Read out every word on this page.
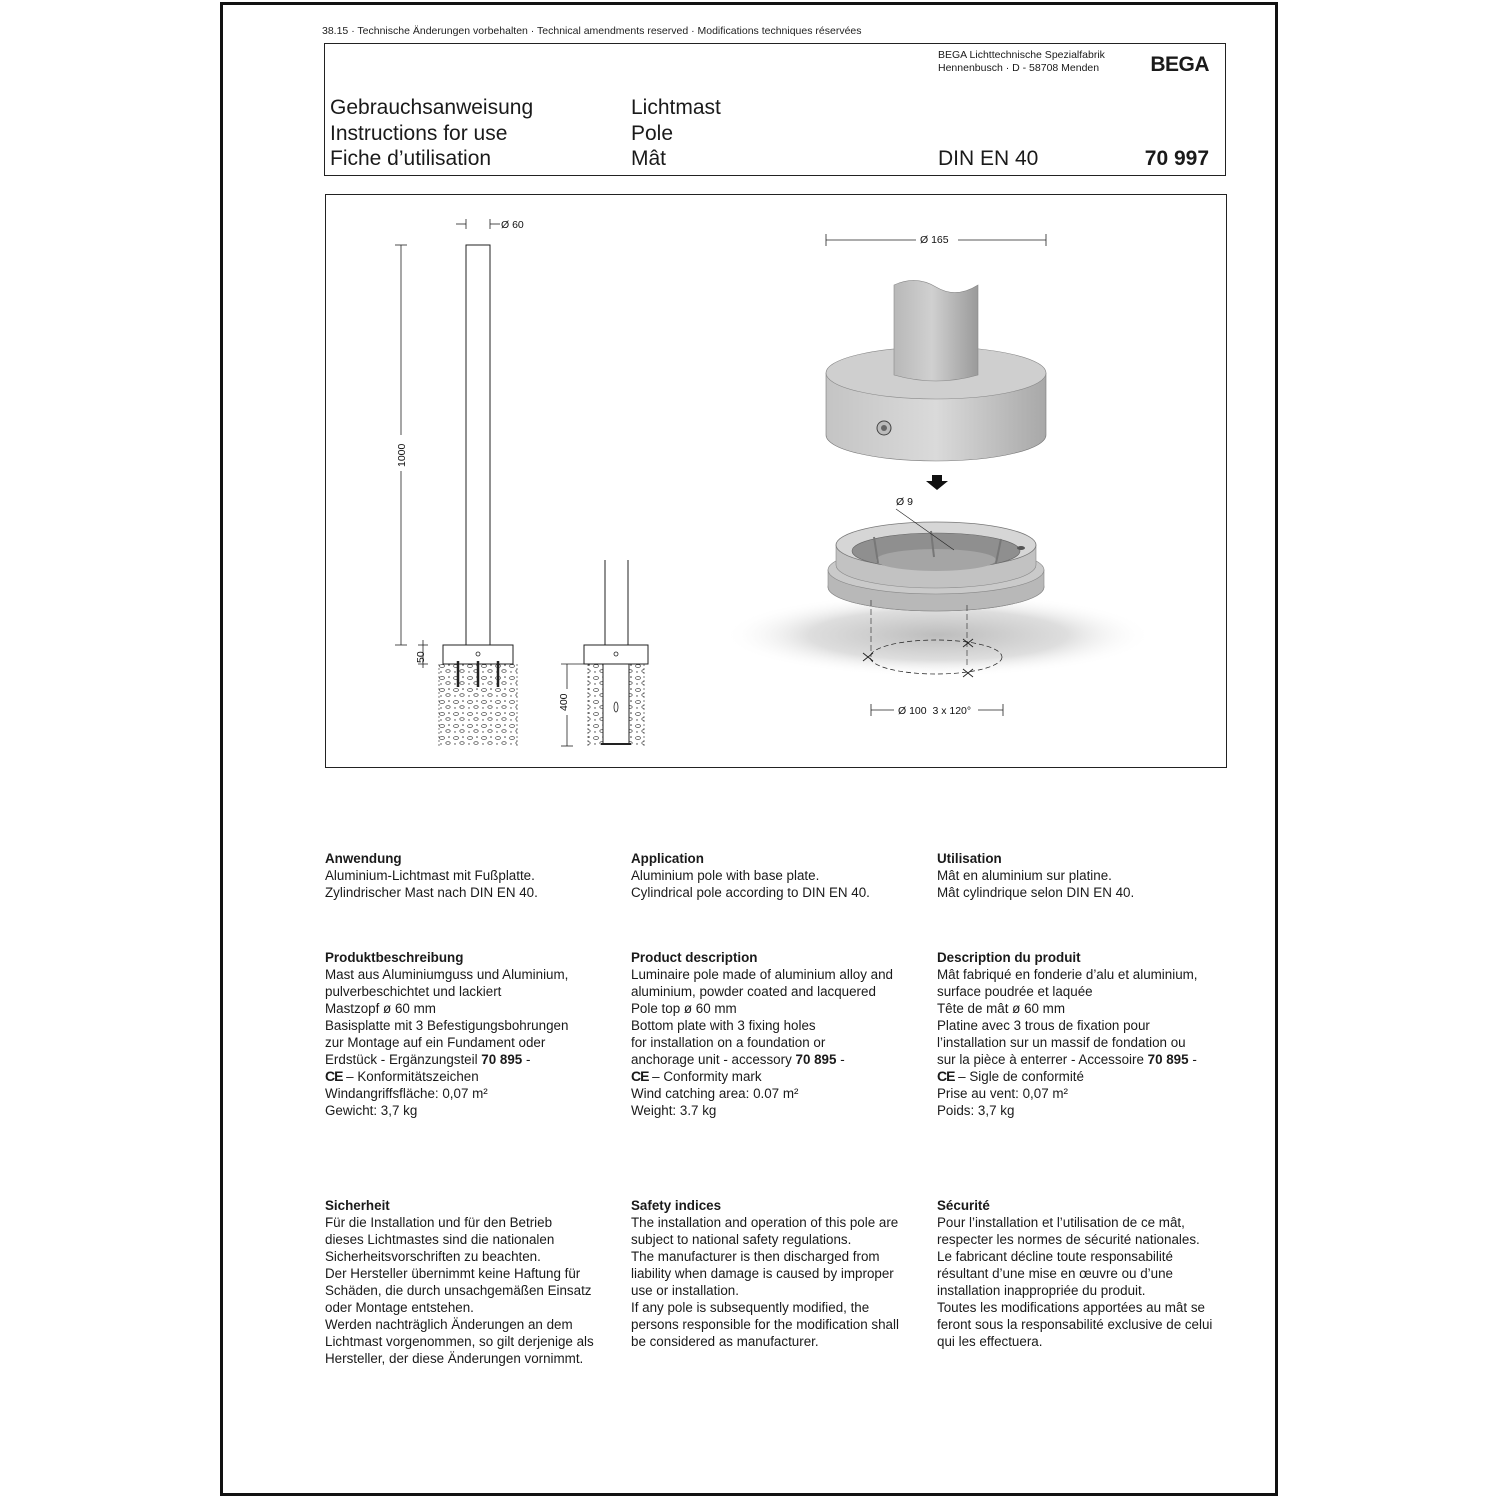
38.15 · Technische Änderungen vorbehalten · Technical amendments reserved · Modifications techniques réservées
BEGA Lichttechnische Spezialfabrik
Hennenbusch · D - 58708 Menden BEGA
Gebrauchsanweisung
Instructions for use
Fiche d’utilisation
Lichtmast
Pole
Mât	DIN EN 40	70 997
Ø 60
1000
50
400
Ø 165
Ø 9
Ø 100  3 x 120°
Anwendung

Aluminium-Lichtmast mit Fußplatte.
Zylindrischer Mast nach DIN EN 40.

Application

Aluminium pole with base plate.
Cylindrical pole according to DIN EN 40.

Utilisation

Mât en aluminium sur platine.
Mât cylindrique selon DIN EN 40.

Produktbeschreibung

Mast aus Aluminiumguss und Aluminium,
pulverbeschichtet und lackiert
Mastzopf ø 60 mm
Basisplatte mit 3 Befestigungsbohrungen
zur Montage auf ein Fundament oder
Erdstück - Ergänzungsteil 70 895 -
CE – Konformitätszeichen
Windangriffsfläche: 0,07 m²
Gewicht: 3,7 kg

Product description

Luminaire pole made of aluminium alloy and
aluminium, powder coated and lacquered
Pole top ø 60 mm
Bottom plate with 3 fixing holes
for installation on a foundation or
anchorage unit - accessory 70 895 -
CE – Conformity mark
Wind catching area: 0.07 m²
Weight: 3.7 kg

Description du produit

Mât fabriqué en fonderie d’alu et aluminium,
surface poudrée et laquée
Tête de mât ø 60 mm
Platine avec 3 trous de fixation pour
l’installation sur un massif de fondation ou
sur la pièce à enterrer - Accessoire 70 895 -
CE – Sigle de conformité
Prise au vent: 0,07 m²
Poids: 3,7 kg

Sicherheit

Für die Installation und für den Betrieb
dieses Lichtmastes sind die nationalen
Sicherheitsvorschriften zu beachten.
Der Hersteller übernimmt keine Haftung für
Schäden, die durch unsachgemäßen Einsatz
oder Montage entstehen.
Werden nachträglich Änderungen an dem
Lichtmast vorgenommen, so gilt derjenige als
Hersteller, der diese Änderungen vornimmt.

Safety indices

The installation and operation of this pole are
subject to national safety regulations.
The manufacturer is then discharged from
liability when damage is caused by improper
use or installation.
If any pole is subsequently modified, the
persons responsible for the modification shall
be considered as manufacturer.

Sécurité

Pour l’installation et l’utilisation de ce mât,
respecter les normes de sécurité nationales.
Le fabricant décline toute responsabilité
résultant d’une mise en œuvre ou d’une
installation inappropriée du produit.
Toutes les modifications apportées au mât se
feront sous la responsabilité exclusive de celui
qui les effectuera.
